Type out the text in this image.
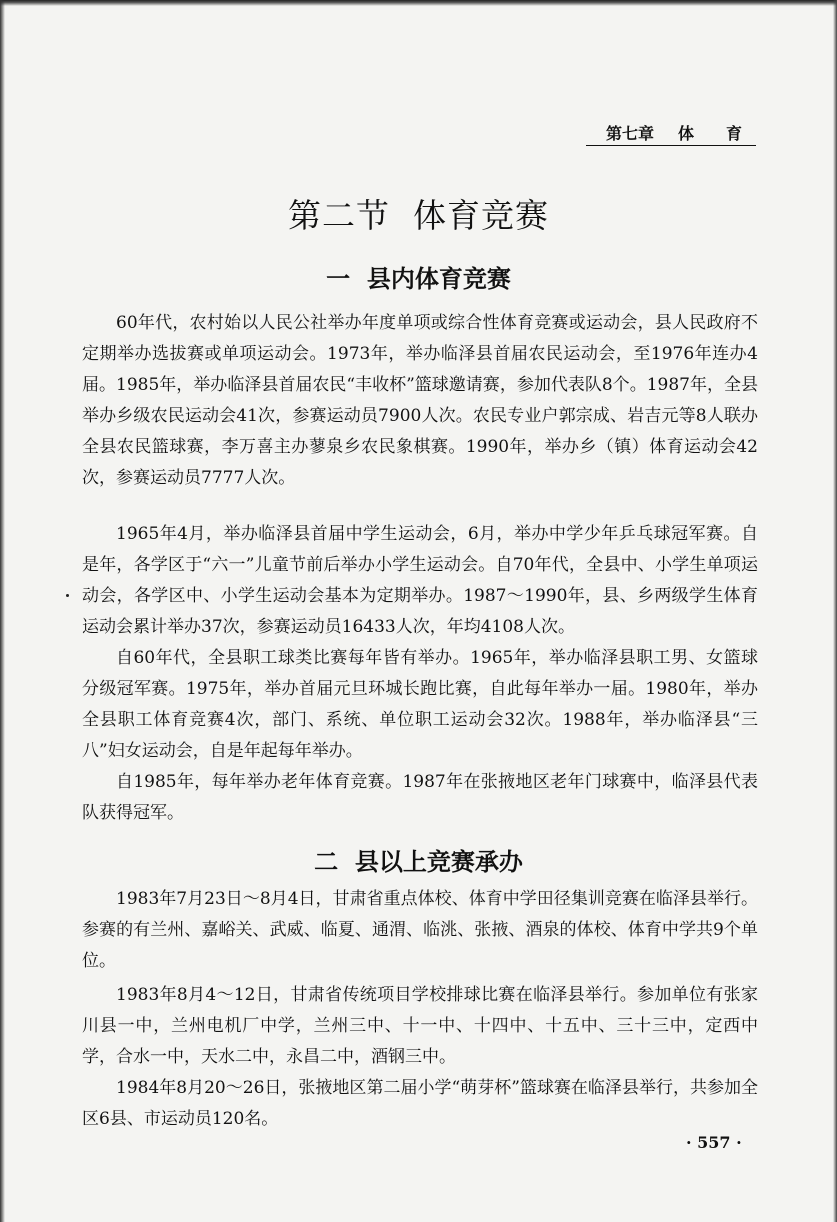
第七章 体 育
第二节  体育竞赛
一  县内体育竞赛

60年代，农村始以人民公社举办年度单项或综合性体育竞赛或运动会，县人民政府不定期举办选拔赛或单项运动会。1973年，举办临泽县首届农民运动会，至1976年连办4届。1985年，举办临泽县首届农民“丰收杯”篮球邀请赛，参加代表队8个。1987年，全县举办乡级农民运动会41次，参赛运动员7900人次。农民专业户郭宗成、岩吉元等8人联办全县农民篮球赛，李万喜主办蓼泉乡农民象棋赛。1990年，举办乡（镇）体育运动会42次，参赛运动员7777人次。

1965年4月，举办临泽县首届中学生运动会，6月，举办中学少年乒乓球冠军赛。自是年，各学区于“六一”儿童节前后举办小学生运动会。自70年代，全县中、小学生单项运动会，各学区中、小学生运动会基本为定期举办。1987～1990年，县、乡两级学生体育运动会累计举办37次，参赛运动员16433人次，年均4108人次。

自60年代，全县职工球类比赛每年皆有举办。1965年，举办临泽县职工男、女篮球分级冠军赛。1975年，举办首届元旦环城长跑比赛，自此每年举办一届。1980年，举办全县职工体育竞赛4次，部门、系统、单位职工运动会32次。1988年，举办临泽县“三八”妇女运动会，自是年起每年举办。

自1985年，每年举办老年体育竞赛。1987年在张掖地区老年门球赛中，临泽县代表队获得冠军。

二  县以上竞赛承办

1983年7月23日～8月4日，甘肃省重点体校、体育中学田径集训竞赛在临泽县举行。参赛的有兰州、嘉峪关、武威、临夏、通渭、临洮、张掖、酒泉的体校、体育中学共9个单位。

1983年8月4～12日，甘肃省传统项目学校排球比赛在临泽县举行。参加单位有张家川县一中，兰州电机厂中学，兰州三中、十一中、十四中、十五中、三十三中，定西中学，合水一中，天水二中，永昌二中，酒钢三中。

1984年8月20～26日，张掖地区第二届小学“萌芽杯”篮球赛在临泽县举行，共参加全区6县、市运动员120名。

· 557 ·
